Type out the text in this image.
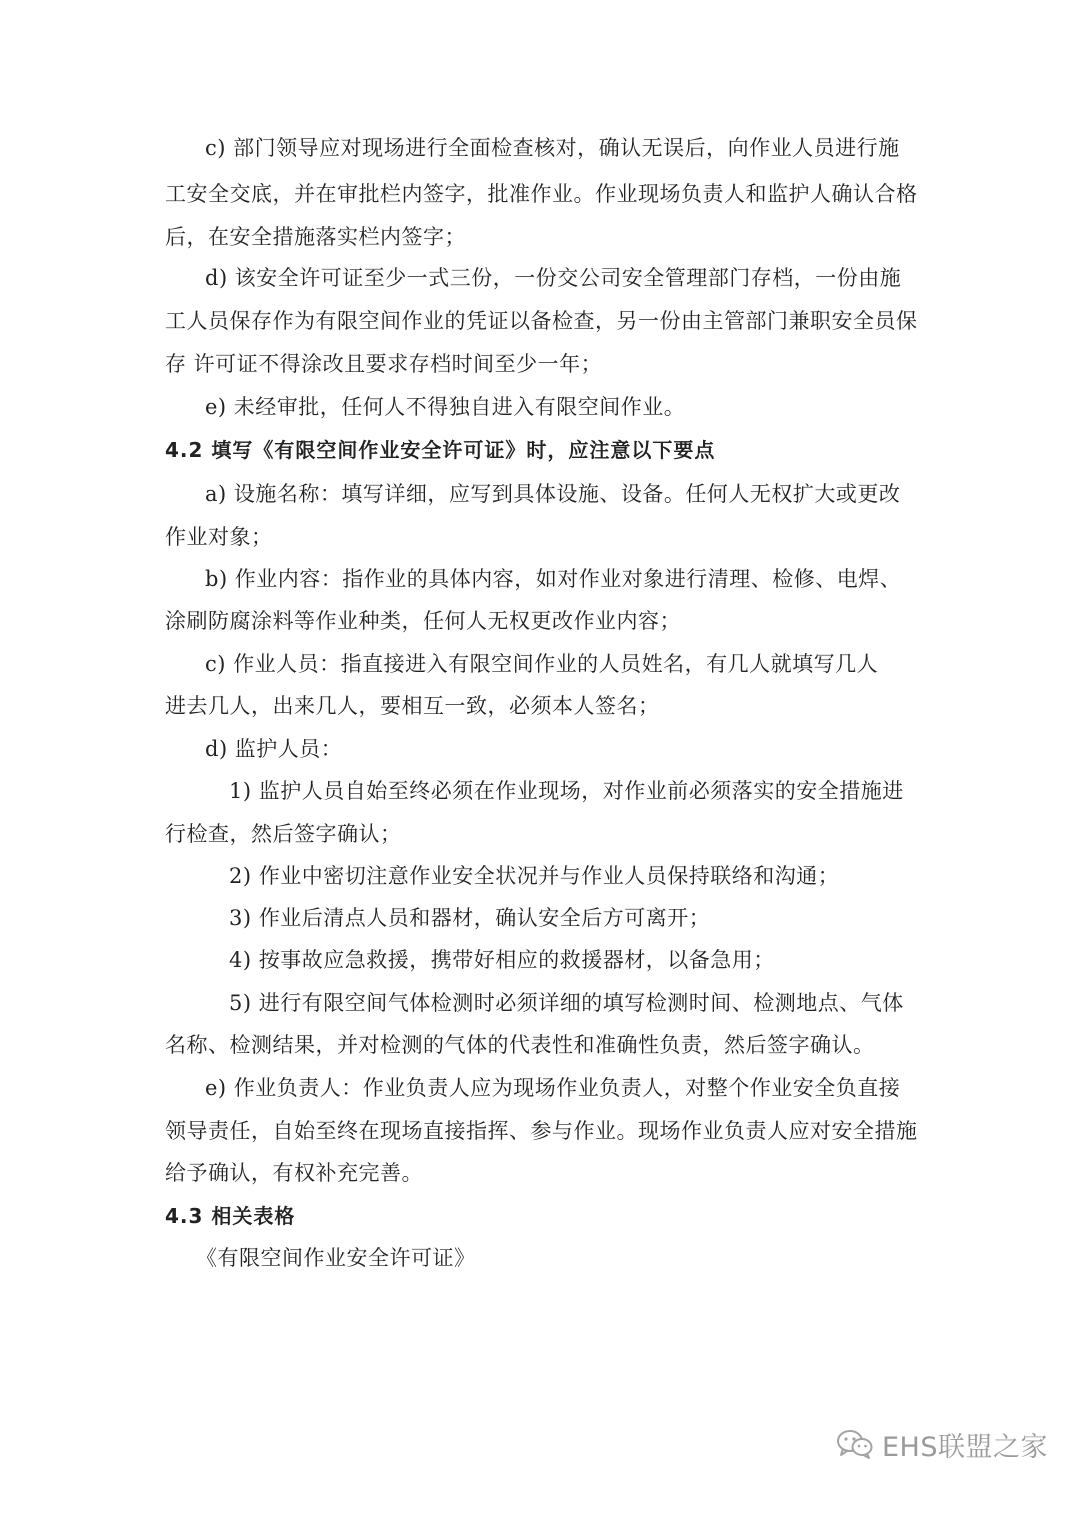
c) 部门领导应对现场进行全面检查核对，确认无误后，向作业人员进行施
工安全交底，并在审批栏内签字，批准作业。作业现场负责人和监护人确认合格
后，在安全措施落实栏内签字；
d) 该安全许可证至少一式三份，一份交公司安全管理部门存档，一份由施
工人员保存作为有限空间作业的凭证以备检查，另一份由主管部门兼职安全员保
存 许可证不得涂改且要求存档时间至少一年；
e) 未经审批，任何人不得独自进入有限空间作业。
4.2 填写《有限空间作业安全许可证》时，应注意以下要点
a) 设施名称：填写详细，应写到具体设施、设备。任何人无权扩大或更改
作业对象；
b) 作业内容：指作业的具体内容，如对作业对象进行清理、检修、电焊、
涂刷防腐涂料等作业种类，任何人无权更改作业内容；
c) 作业人员：指直接进入有限空间作业的人员姓名，有几人就填写几人
进去几人，出来几人，要相互一致，必须本人签名；
d) 监护人员：
1) 监护人员自始至终必须在作业现场，对作业前必须落实的安全措施进
行检查，然后签字确认；
2) 作业中密切注意作业安全状况并与作业人员保持联络和沟通；
3) 作业后清点人员和器材，确认安全后方可离开；
4) 按事故应急救援，携带好相应的救援器材，以备急用；
5) 进行有限空间气体检测时必须详细的填写检测时间、检测地点、气体
名称、检测结果，并对检测的气体的代表性和准确性负责，然后签字确认。
e) 作业负责人：作业负责人应为现场作业负责人，对整个作业安全负直接
领导责任，自始至终在现场直接指挥、参与作业。现场作业负责人应对安全措施
给予确认，有权补充完善。
4.3 相关表格
《有限空间作业安全许可证》
EHS联盟之家
